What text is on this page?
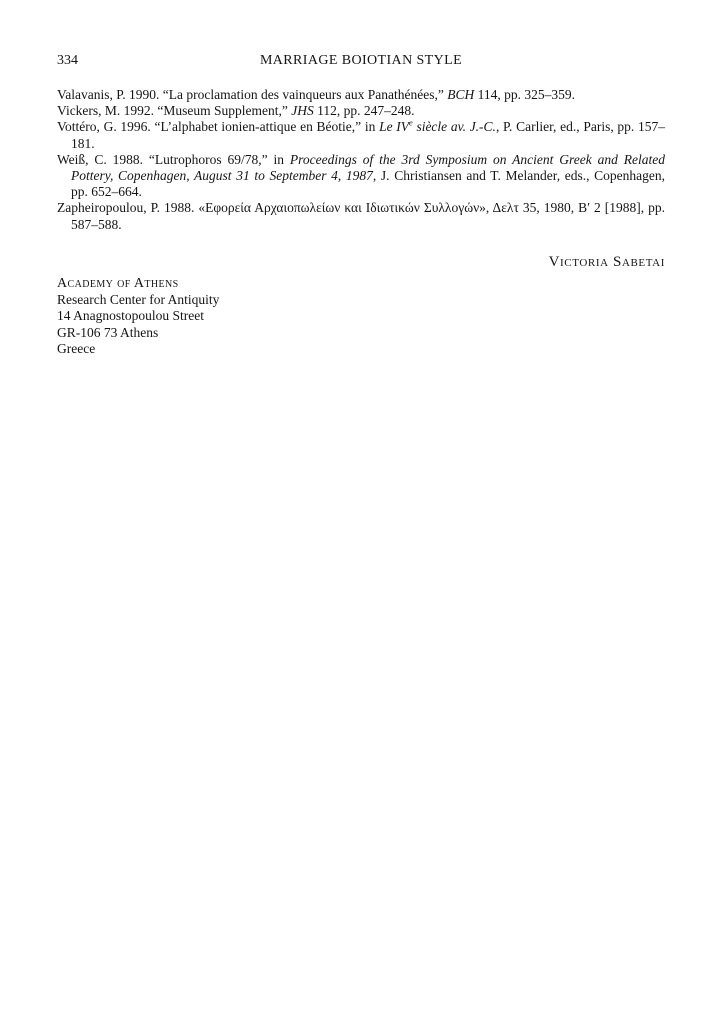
334	MARRIAGE BOIOTIAN STYLE

Valavanis, P. 1990. “La proclamation des vainqueurs aux Panathénées,” BCH 114, pp. 325–359.

Vickers, M. 1992. “Museum Supplement,” JHS 112, pp. 247–248.

Vottéro, G. 1996. “L’alphabet ionien-attique en Béotie,” in Le IVe siècle av. J.-C., P. Carlier, ed., Paris, pp. 157–181.

Weiß, C. 1988. “Lutrophoros 69/78,” in Proceedings of the 3rd Symposium on Ancient Greek and Related Pottery, Copenhagen, August 31 to September 4, 1987, J. Christiansen and T. Melander, eds., Copenhagen, pp. 652–664.

Zapheiropoulou, P. 1988. «Εφορεία Αρχαιοπωλείων και Ιδιωτικών Συλλογών», Δελτ 35, 1980, Β′ 2 [1988], pp. 587–588.

Victoria Sabetai
Academy of Athens
Research Center for Antiquity
14 Anagnostopoulou Street
GR-106 73 Athens
Greece
